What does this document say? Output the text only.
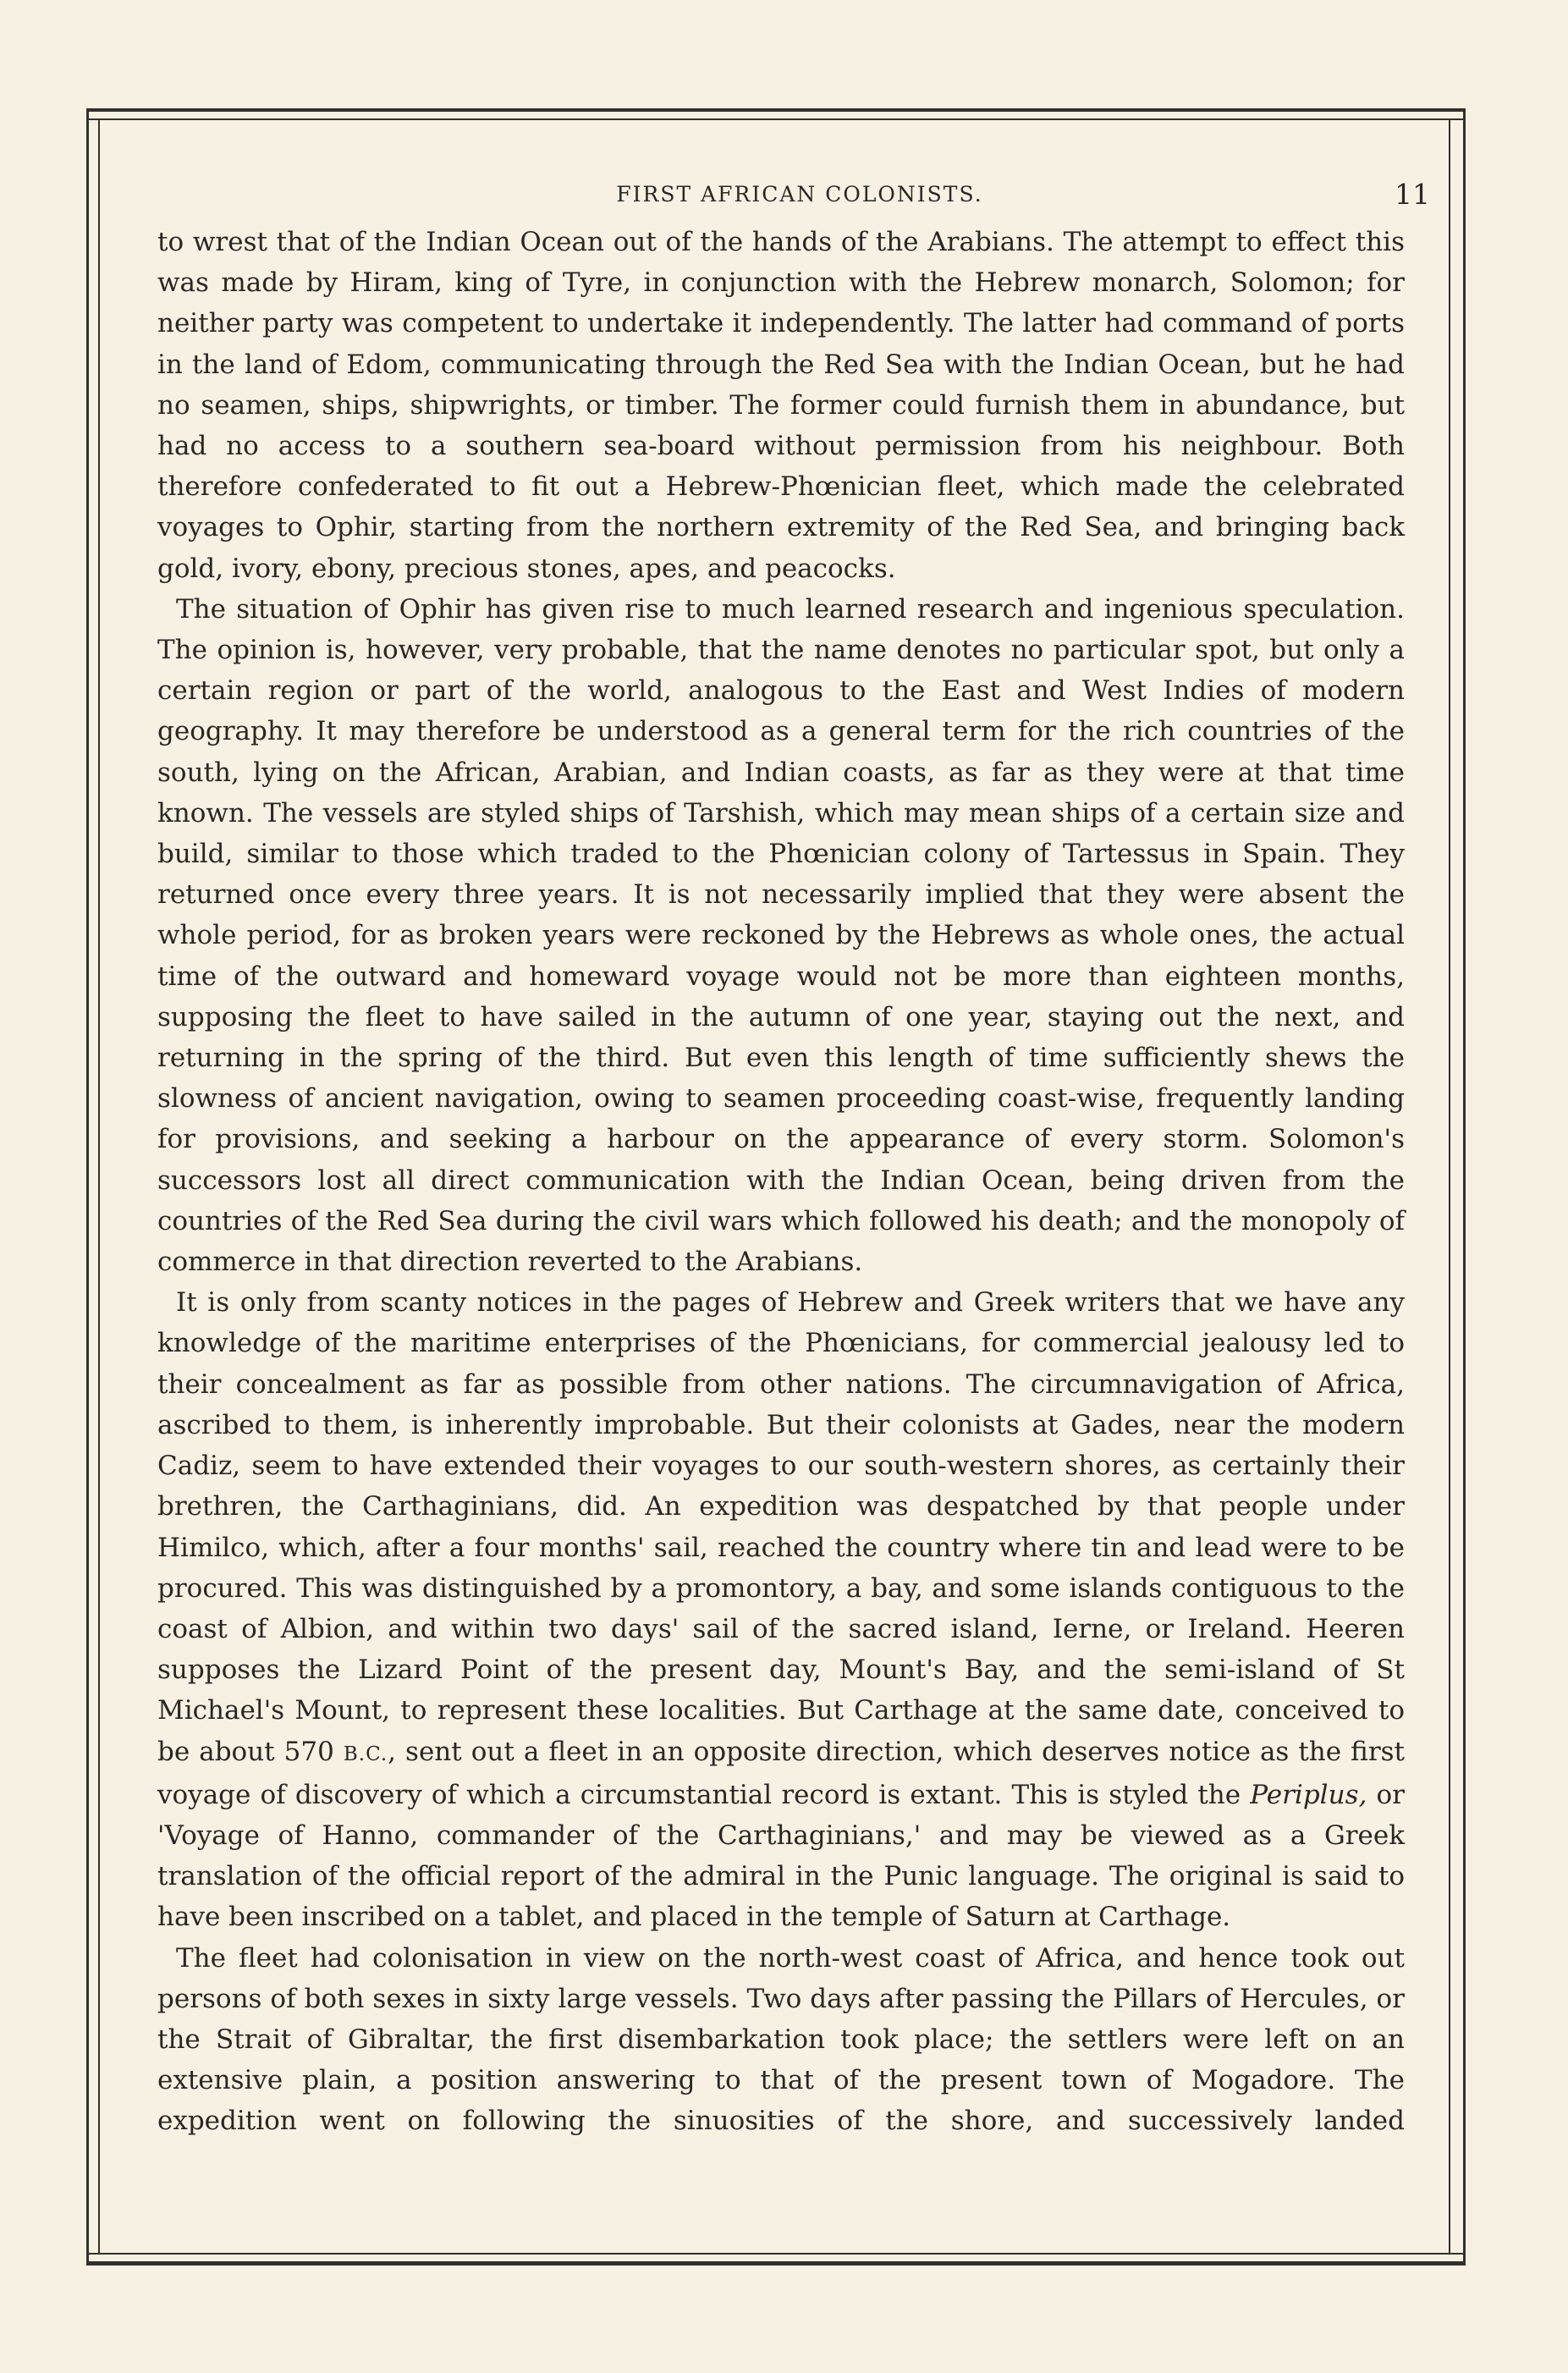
FIRST AFRICAN COLONISTS.	11

to wrest that of the Indian Ocean out of the hands of the Arabians. The attempt to effect this was made by Hiram, king of Tyre, in conjunction with the Hebrew monarch, Solomon; for neither party was competent to undertake it independently. The latter had command of ports in the land of Edom, communicating through the Red Sea with the Indian Ocean, but he had no seamen, ships, shipwrights, or timber. The former could furnish them in abundance, but had no access to a southern sea-board without permission from his neighbour. Both therefore confederated to fit out a Hebrew-Phœnician fleet, which made the celebrated voyages to Ophir, starting from the northern extremity of the Red Sea, and bringing back gold, ivory, ebony, precious stones, apes, and peacocks.

The situation of Ophir has given rise to much learned research and ingenious speculation. The opinion is, however, very probable, that the name denotes no particular spot, but only a certain region or part of the world, analogous to the East and West Indies of modern geography. It may therefore be understood as a general term for the rich countries of the south, lying on the African, Arabian, and Indian coasts, as far as they were at that time known. The vessels are styled ships of Tarshish, which may mean ships of a certain size and build, similar to those which traded to the Phœnician colony of Tartessus in Spain. They returned once every three years. It is not necessarily implied that they were absent the whole period, for as broken years were reckoned by the Hebrews as whole ones, the actual time of the outward and homeward voyage would not be more than eighteen months, supposing the fleet to have sailed in the autumn of one year, staying out the next, and returning in the spring of the third. But even this length of time sufficiently shews the slowness of ancient navigation, owing to seamen proceeding coast-wise, frequently landing for provisions, and seeking a harbour on the appearance of every storm. Solomon's successors lost all direct communication with the Indian Ocean, being driven from the countries of the Red Sea during the civil wars which followed his death; and the monopoly of commerce in that direction reverted to the Arabians.

It is only from scanty notices in the pages of Hebrew and Greek writers that we have any knowledge of the maritime enterprises of the Phœnicians, for commercial jealousy led to their concealment as far as possible from other nations. The circumnavigation of Africa, ascribed to them, is inherently improbable. But their colonists at Gades, near the modern Cadiz, seem to have extended their voyages to our south-western shores, as certainly their brethren, the Carthaginians, did. An expedition was despatched by that people under Himilco, which, after a four months' sail, reached the country where tin and lead were to be procured. This was distinguished by a promontory, a bay, and some islands contiguous to the coast of Albion, and within two days' sail of the sacred island, Ierne, or Ireland. Heeren supposes the Lizard Point of the present day, Mount's Bay, and the semi-island of St Michael's Mount, to represent these localities. But Carthage at the same date, conceived to be about 570 B.C., sent out a fleet in an opposite direction, which deserves notice as the first voyage of discovery of which a circumstantial record is extant. This is styled the Periplus, or 'Voyage of Hanno, commander of the Carthaginians,' and may be viewed as a Greek translation of the official report of the admiral in the Punic language. The original is said to have been inscribed on a tablet, and placed in the temple of Saturn at Carthage.

The fleet had colonisation in view on the north-west coast of Africa, and hence took out persons of both sexes in sixty large vessels. Two days after passing the Pillars of Hercules, or the Strait of Gibraltar, the first disembarkation took place; the settlers were left on an extensive plain, a position answering to that of the present town of Mogadore. The expedition went on following the sinuosities of the shore, and successively landed
